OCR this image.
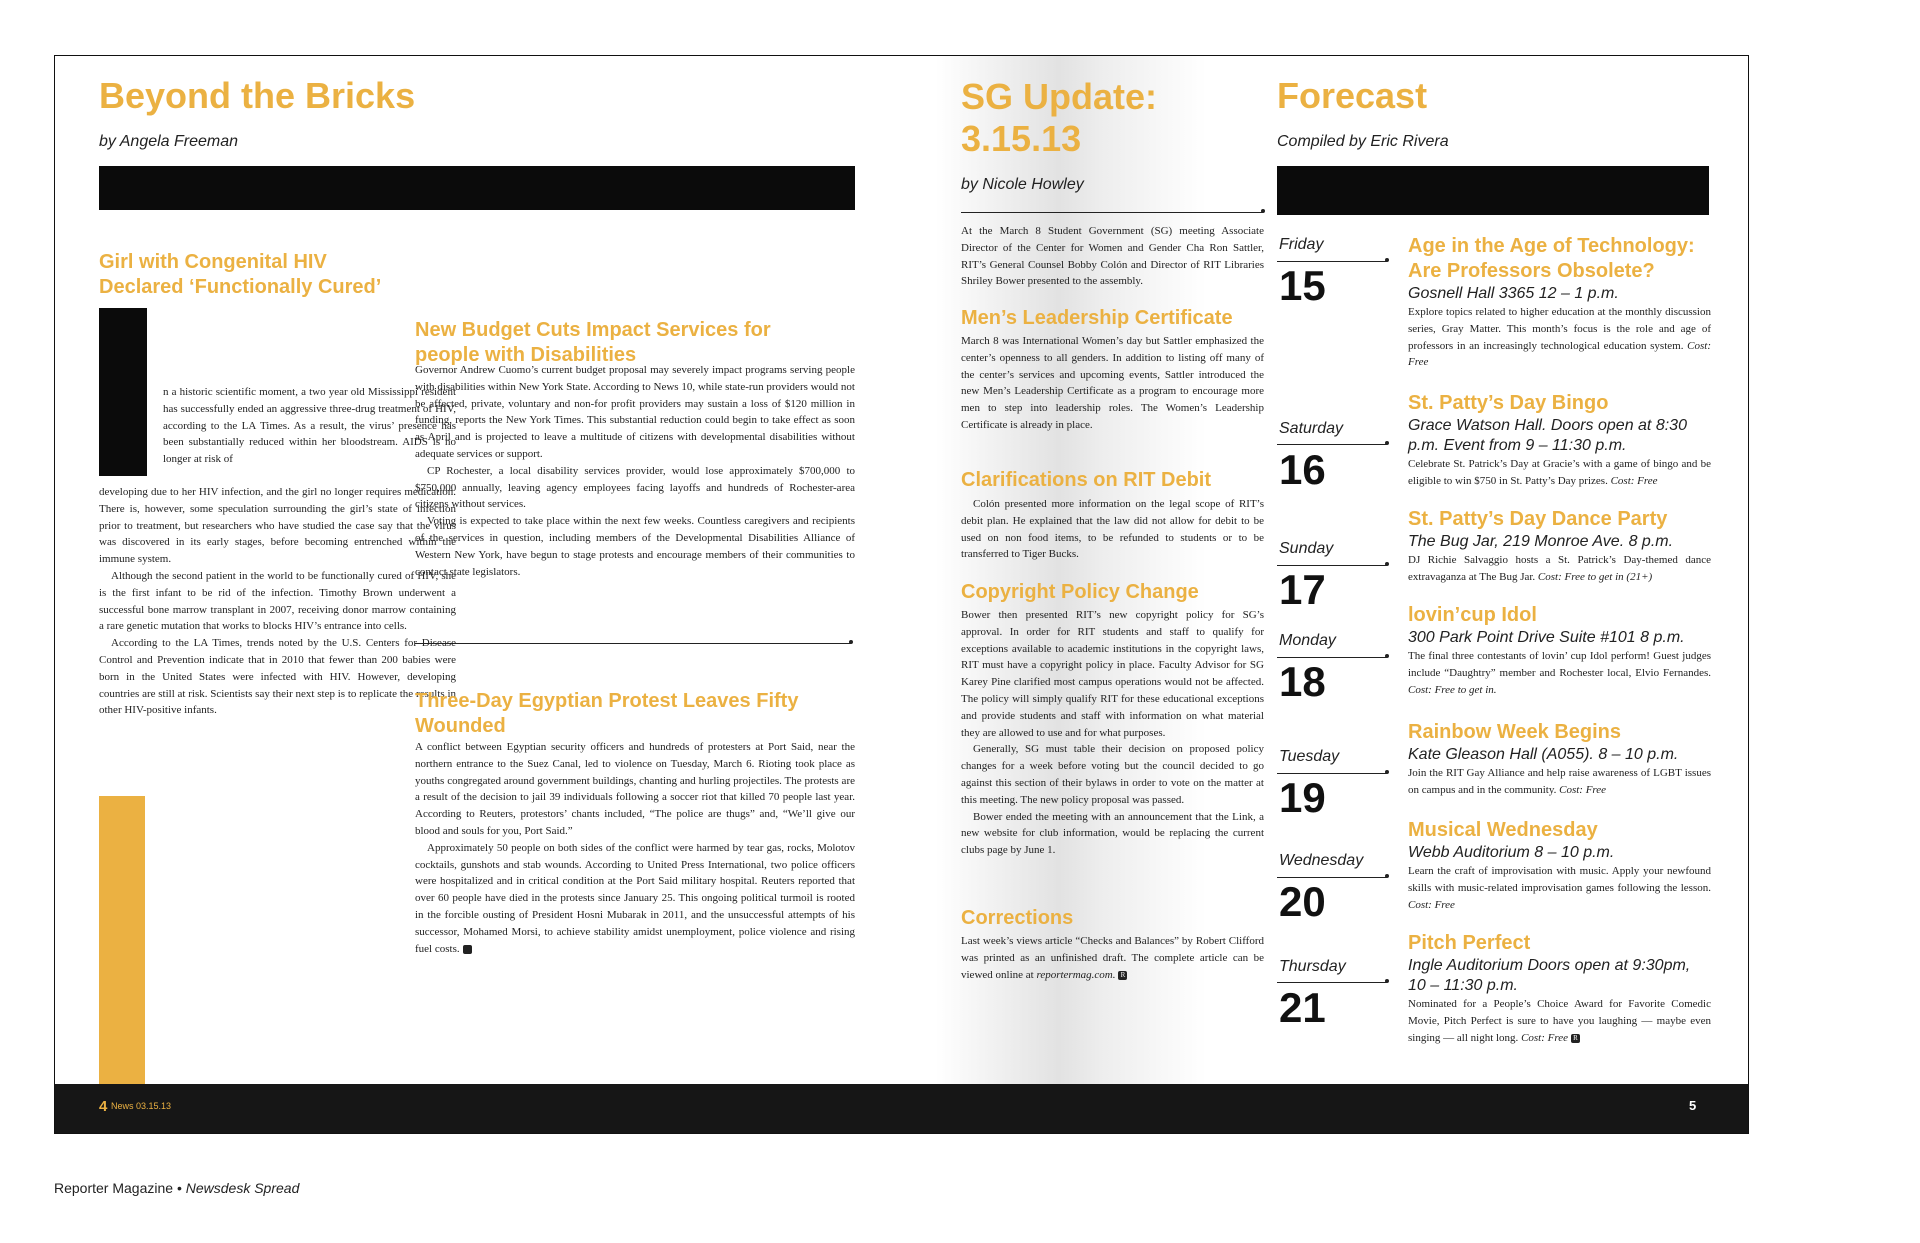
Beyond the Bricks
by Angela Freeman
Girl with Congenital HIV Declared ‘Functionally Cured’
n a historic scientific moment, a two year old Mississippi resident has successfully ended an aggressive three-drug treatment of HIV, according to the LA Times. As a result, the virus’ presence has been substantially reduced within her bloodstream. AIDS is no longer at risk of
developing due to her HIV infection, and the girl no longer requires medication. There is, however, some speculation surrounding the girl’s state of infection prior to treatment, but researchers who have studied the case say that the virus was discovered in its early stages, before becoming entrenched within the immune system.

Although the second patient in the world to be functionally cured of HIV, she is the first infant to be rid of the infection. Timothy Brown underwent a successful bone marrow transplant in 2007, receiving donor marrow containing a rare genetic mutation that works to blocks HIV’s entrance into cells.

According to the LA Times, trends noted by the U.S. Centers for Disease Control and Prevention indicate that in 2010 that fewer than 200 babies were born in the United States were infected with HIV. However, developing countries are still at risk. Scientists say their next step is to replicate the results in other HIV-positive infants.

New Budget Cuts Impact Services for people with Disabilities
Governor Andrew Cuomo’s current budget proposal may severely impact programs serving people with disabilities within New York State. According to News 10, while state-run providers would not be affected, private, voluntary and non-for profit providers may sustain a loss of $120 million in funding, reports the New York Times. This substantial reduction could begin to take effect as soon as April and is projected to leave a multitude of citizens with developmental disabilities without adequate services or support.

CP Rochester, a local disability services provider, would lose approximately $700,000 to $750,000 annually, leaving agency employees facing layoffs and hundreds of Rochester-area citizens without services.

Voting is expected to take place within the next few weeks. Countless caregivers and recipients of the services in question, including members of the Developmental Disabilities Alliance of Western New York, have begun to stage protests and encourage members of their communities to contact state legislators.

Three-Day Egyptian Protest Leaves Fifty Wounded
A conflict between Egyptian security officers and hundreds of protesters at Port Said, near the northern entrance to the Suez Canal, led to violence on Tuesday, March 6. Rioting took place as youths congregated around government buildings, chanting and hurling projectiles. The protests are a result of the decision to jail 39 individuals following a soccer riot that killed 70 people last year. According to Reuters, protestors’ chants included, “The police are thugs” and, “We’ll give our blood and souls for you, Port Said.”

Approximately 50 people on both sides of the conflict were harmed by tear gas, rocks, Molotov cocktails, gunshots and stab wounds. According to United Press International, two police officers were hospitalized and in critical condition at the Port Said military hospital. Reuters reported that over 60 people have died in the protests since January 25. This ongoing political turmoil is rooted in the forcible ousting of President Hosni Mubarak in 2011, and the unsuccessful attempts of his successor, Mohamed Morsi, to achieve stability amidst unemployment, police violence and rising fuel costs. R

SG Update: 3.15.13
by Nicole Howley
At the March 8 Student Government (SG) meeting Associate Director of the Center for Women and Gender Cha Ron Sattler, RIT’s General Counsel Bobby Colón and Director of RIT Libraries Shriley Bower presented to the assembly.
Men’s Leadership Certificate
March 8 was International Women’s day but Sattler emphasized the center’s openness to all genders. In addition to listing off many of the center’s services and upcoming events, Sattler introduced the new Men’s Leadership Certificate as a program to encourage more men to step into leadership roles. The Women’s Leadership Certificate is already in place.
Clarifications on RIT Debit

Colón presented more information on the legal scope of RIT’s debit plan. He explained that the law did not allow for debit to be used on non food items, to be refunded to students or to be transferred to Tiger Bucks.

Copyright Policy Change
Bower then presented RIT’s new copyright policy for SG’s approval. In order for RIT students and staff to qualify for exceptions available to academic institutions in the copyright laws, RIT must have a copyright policy in place. Faculty Advisor for SG Karey Pine clarified most campus operations would not be affected. The policy will simply qualify RIT for these educational exceptions and provide students and staff with information on what material they are allowed to use and for what purposes.

Generally, SG must table their decision on proposed policy changes for a week before voting but the council decided to go against this section of their bylaws in order to vote on the matter at this meeting. The new policy proposal was passed.

Bower ended the meeting with an announcement that the Link, a new website for club information, would be replacing the current clubs page by June 1.

Corrections
Last week’s views article “Checks and Balances” by Robert Clifford was printed as an unfinished draft. The complete article can be viewed online at reportermag.com. R
Forecast
Compiled by Eric Rivera
Friday
15
Saturday
16
Sunday
17
Monday
18
Tuesday
19
Wednesday
20
Thursday
21
Age in the Age of Technology: Are Professors Obsolete?
Gosnell Hall 3365 12 – 1 p.m.
Explore topics related to higher education at the monthly discussion series, Gray Matter. This month’s focus is the role and age of professors in an increasingly technological education system. Cost: Free
St. Patty’s Day Bingo
Grace Watson Hall. Doors open at 8:30 p.m. Event from 9 – 11:30 p.m.
Celebrate St. Patrick’s Day at Gracie’s with a game of bingo and be eligible to win $750 in St. Patty’s Day prizes. Cost: Free
St. Patty’s Day Dance Party
The Bug Jar, 219 Monroe Ave. 8 p.m.
DJ Richie Salvaggio hosts a St. Patrick’s Day-themed dance extravaganza at The Bug Jar. Cost: Free to get in (21+)
lovin’cup Idol
300 Park Point Drive Suite #101 8 p.m.
The final three contestants of lovin’ cup Idol perform! Guest judges include “Daughtry” member and Rochester local, Elvio Fernandes. Cost: Free to get in.
Rainbow Week Begins
Kate Gleason Hall (A055). 8 – 10 p.m.
Join the RIT Gay Alliance and help raise awareness of LGBT issues on campus and in the community. Cost: Free
Musical Wednesday
Webb Auditorium 8 – 10 p.m.
Learn the craft of improvisation with music. Apply your newfound skills with music-related improvisation games following the lesson. Cost: Free
Pitch Perfect
Ingle Auditorium Doors open at 9:30pm, 10 – 11:30 p.m.
Nominated for a People’s Choice Award for Favorite Comedic Movie, Pitch Perfect is sure to have you laughing — maybe even singing — all night long. Cost: Free R
4 News 03.15.13	5
Reporter Magazine • Newsdesk Spread
